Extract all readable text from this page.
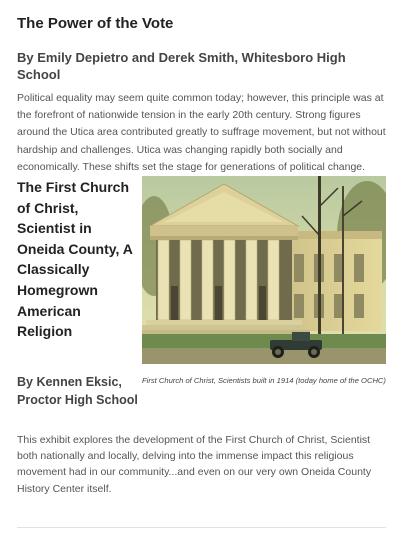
The Power of the Vote
By Emily Depietro and Derek Smith, Whitesboro High School

Political equality may seem quite common today; however, this principle was at the forefront of nationwide tension in the early 20th century. Strong figures around the Utica area contributed greatly to suffrage movement, but not without hardship and challenges. Utica was changing rapidly both socially and economically. These shifts set the stage for generations of political change.

The First Church of Christ, Scientist in Oneida County, A Classically Homegrown American Religion
By Kennen Eksic, Proctor High School
First Church of Christ, Scientists built in 1914 (today home of the OCHC)

This exhibit explores the development of the First Church of Christ, Scientist both nationally and locally, delving into the immense impact this religious movement had in our community...and even on our very own Oneida County History Center itself.
